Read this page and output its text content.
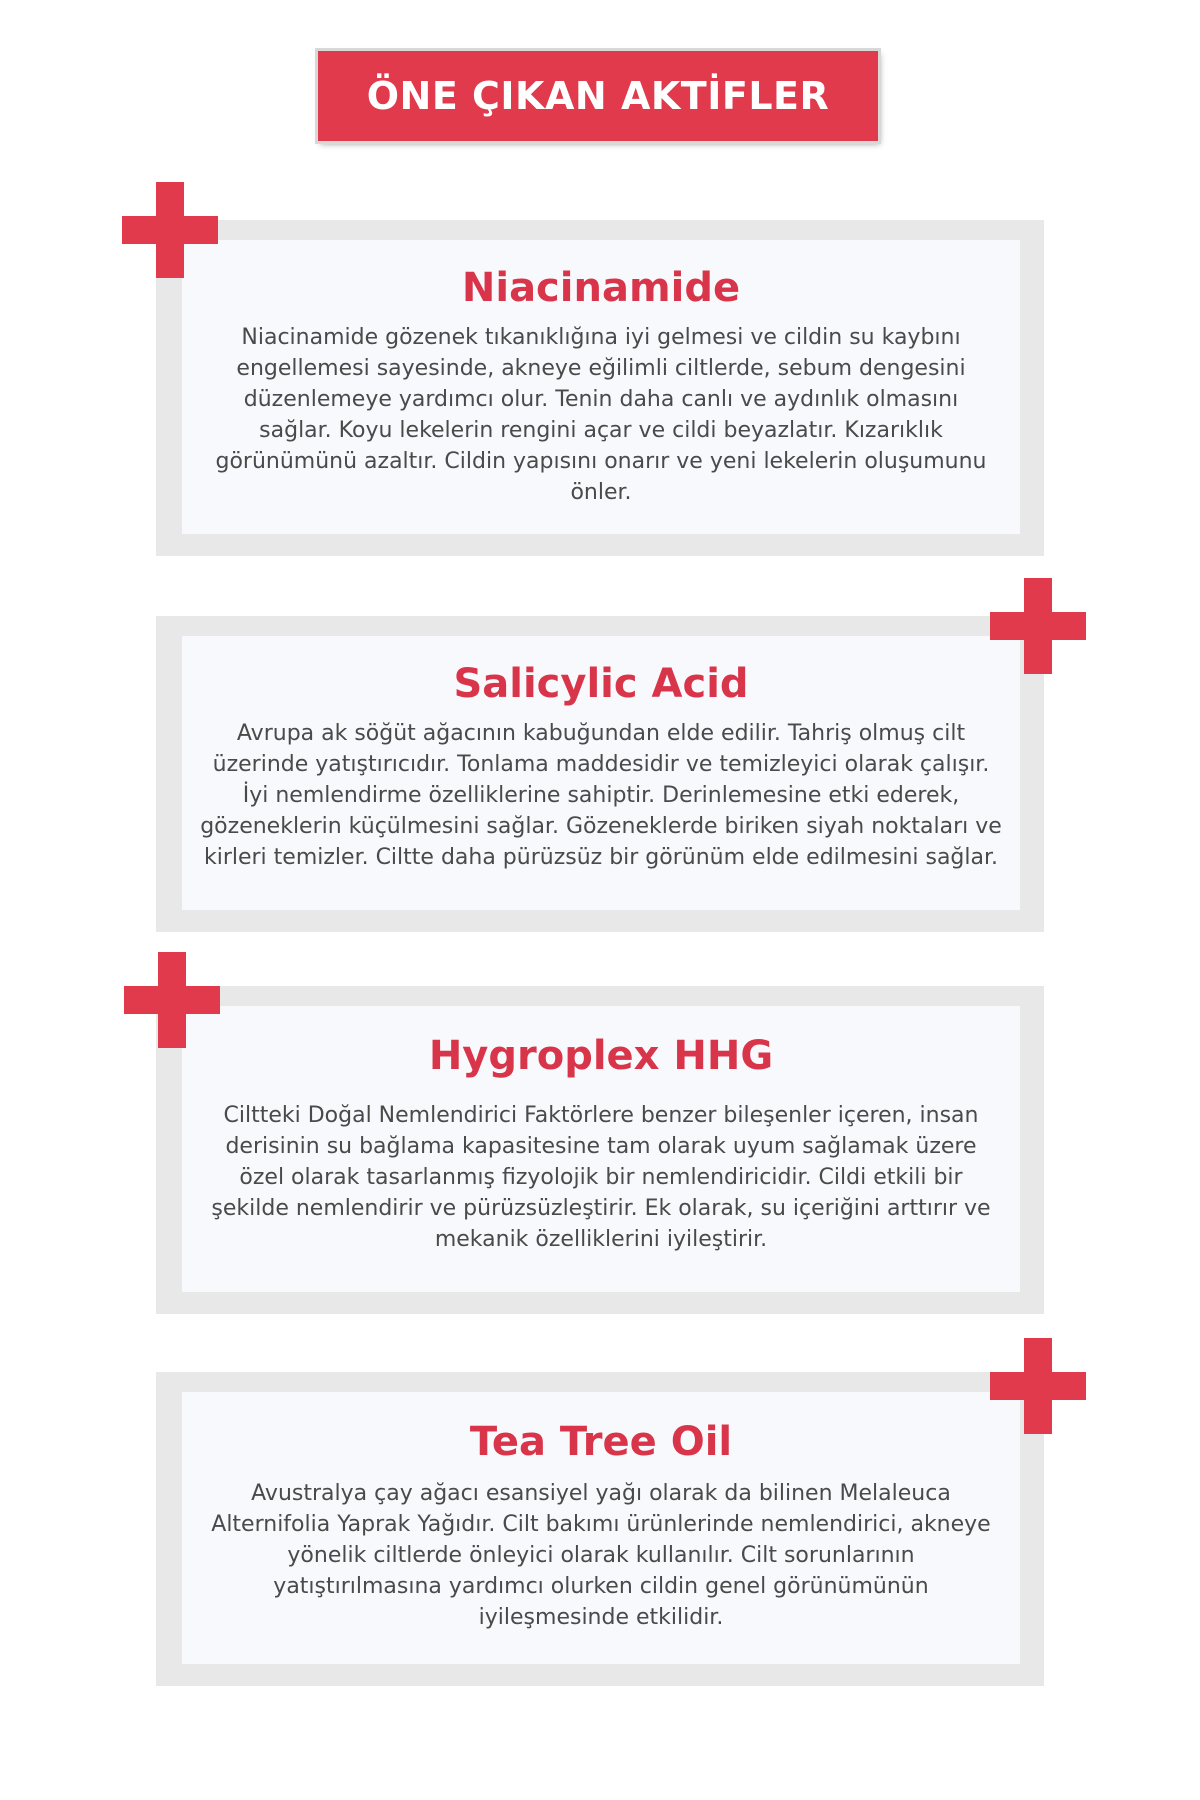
ÖNE ÇIKAN AKTİFLER
Niacinamide

Niacinamide gözenek tıkanıklığına iyi gelmesi ve cildin su kaybını engellemesi sayesinde, akneye eğilimli ciltlerde, sebum dengesini düzenlemeye yardımcı olur. Tenin daha canlı ve aydınlık olmasını sağlar. Koyu lekelerin rengini açar ve cildi beyazlatır. Kızarıklık görünümünü azaltır. Cildin yapısını onarır ve yeni lekelerin oluşumunu önler.

Salicylic Acid

Avrupa ak söğüt ağacının kabuğundan elde edilir. Tahriş olmuş cilt üzerinde yatıştırıcıdır. Tonlama maddesidir ve temizleyici olarak çalışır. İyi nemlendirme özelliklerine sahiptir. Derinlemesine etki ederek, gözeneklerin küçülmesini sağlar. Gözeneklerde biriken siyah noktaları ve kirleri temizler. Ciltte daha pürüzsüz bir görünüm elde edilmesini sağlar.

Hygroplex HHG

Ciltteki Doğal Nemlendirici Faktörlere benzer bileşenler içeren, insan derisinin su bağlama kapasitesine tam olarak uyum sağlamak üzere özel olarak tasarlanmış fizyolojik bir nemlendiricidir. Cildi etkili bir şekilde nemlendirir ve pürüzsüzleştirir. Ek olarak, su içeriğini arttırır ve mekanik özelliklerini iyileştirir.

Tea Tree Oil

Avustralya çay ağacı esansiyel yağı olarak da bilinen Melaleuca Alternifolia Yaprak Yağıdır. Cilt bakımı ürünlerinde nemlendirici, akneye yönelik ciltlerde önleyici olarak kullanılır. Cilt sorunlarının yatıştırılmasına yardımcı olurken cildin genel görünümünün iyileşmesinde etkilidir.
